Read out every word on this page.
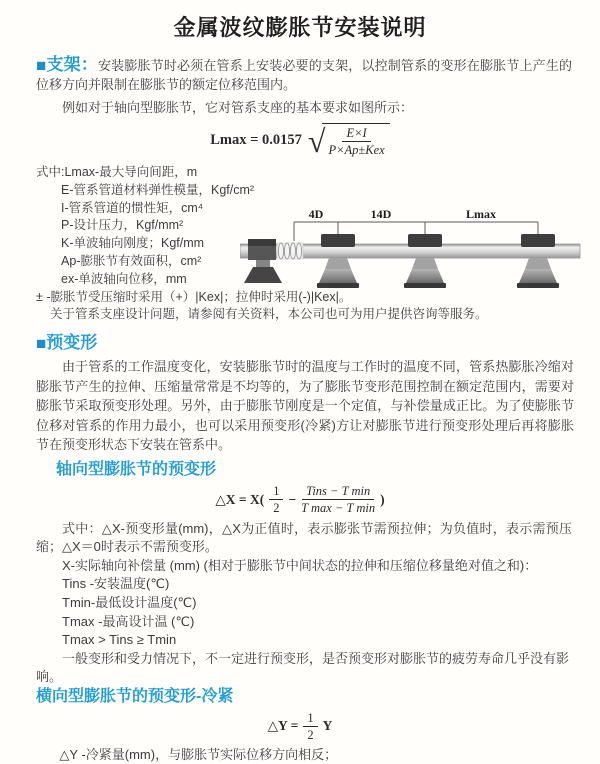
金属波纹膨胀节安装说明

■支架：安装膨胀节时必须在管系上安装必要的支架，以控制管系的变形在膨胀节上产生的位移方向并限制在膨胀节的额定位移范围内。

例如对于轴向型膨胀节，它对管系支座的基本要求如图所示：

Lmax = 0.0157 √ $\frac{E\times I}{\text{P×Ap±Kex}}$
式中:Lmax-最大导向间距，m
E-管系管道材料弹性模量，Kgf/cm²
I-管系管道的惯性矩，cm⁴
P-设计压力，Kgf/mm²
K-单波轴向刚度；Kgf/mm
Ap-膨胀节有效面积，cm²
ex-单波轴向位移，mm
± -膨胀节受压缩时采用（+）|Kex|；拉伸时采用(-)|Kex|。
关于管系支座设计问题，请参阅有关资料，本公司也可为用户提供咨询等服务。
4D	14D	Lmax
■预变形

由于管系的工作温度变化，安装膨胀节时的温度与工作时的温度不同，管系热膨胀冷缩对膨胀节产生的拉伸、压缩量常常是不均等的，为了膨胀节变形范围控制在额定范围内，需要对膨胀节采取预变形处理。另外，由于膨胀节刚度是一个定值，与补偿量成正比。为了使膨胀节位移对管系的作用力最小，也可以采用预变形(冷紧)方让对膨胀节进行预变形处理后再将膨胀节在预变形状态下安装在管系中。

轴向型膨胀节的预变形
△X = $X( \frac{1}{2} - \frac{\text{Tins − T min}}{\text{T max − T min}}$ )
式中：△X-预变形量(mm)，△X为正值时，表示膨张节需预拉伸；为负值时，表示需预压缩；△X＝0时表示不需预变形。
X-实际轴向补偿量 (mm) (相对于膨胀节中间状态的拉伸和压缩位移量绝对值之和)：
Tins -安装温度(℃)
Tmin-最低设计温度(℃)
Tmax -最高设计温 (℃)
Tmax > Tins ≥ Tmin
一般变形和受力情况下，不一定进行预变形，是否预变形对膨胀节的疲劳寿命几乎没有影响。
横向型膨胀节的预变形-冷紧
△Y = $\frac{1}{2}$ Y

△Y -冷紧量(mm)，与膨胀节实际位移方向相反；
